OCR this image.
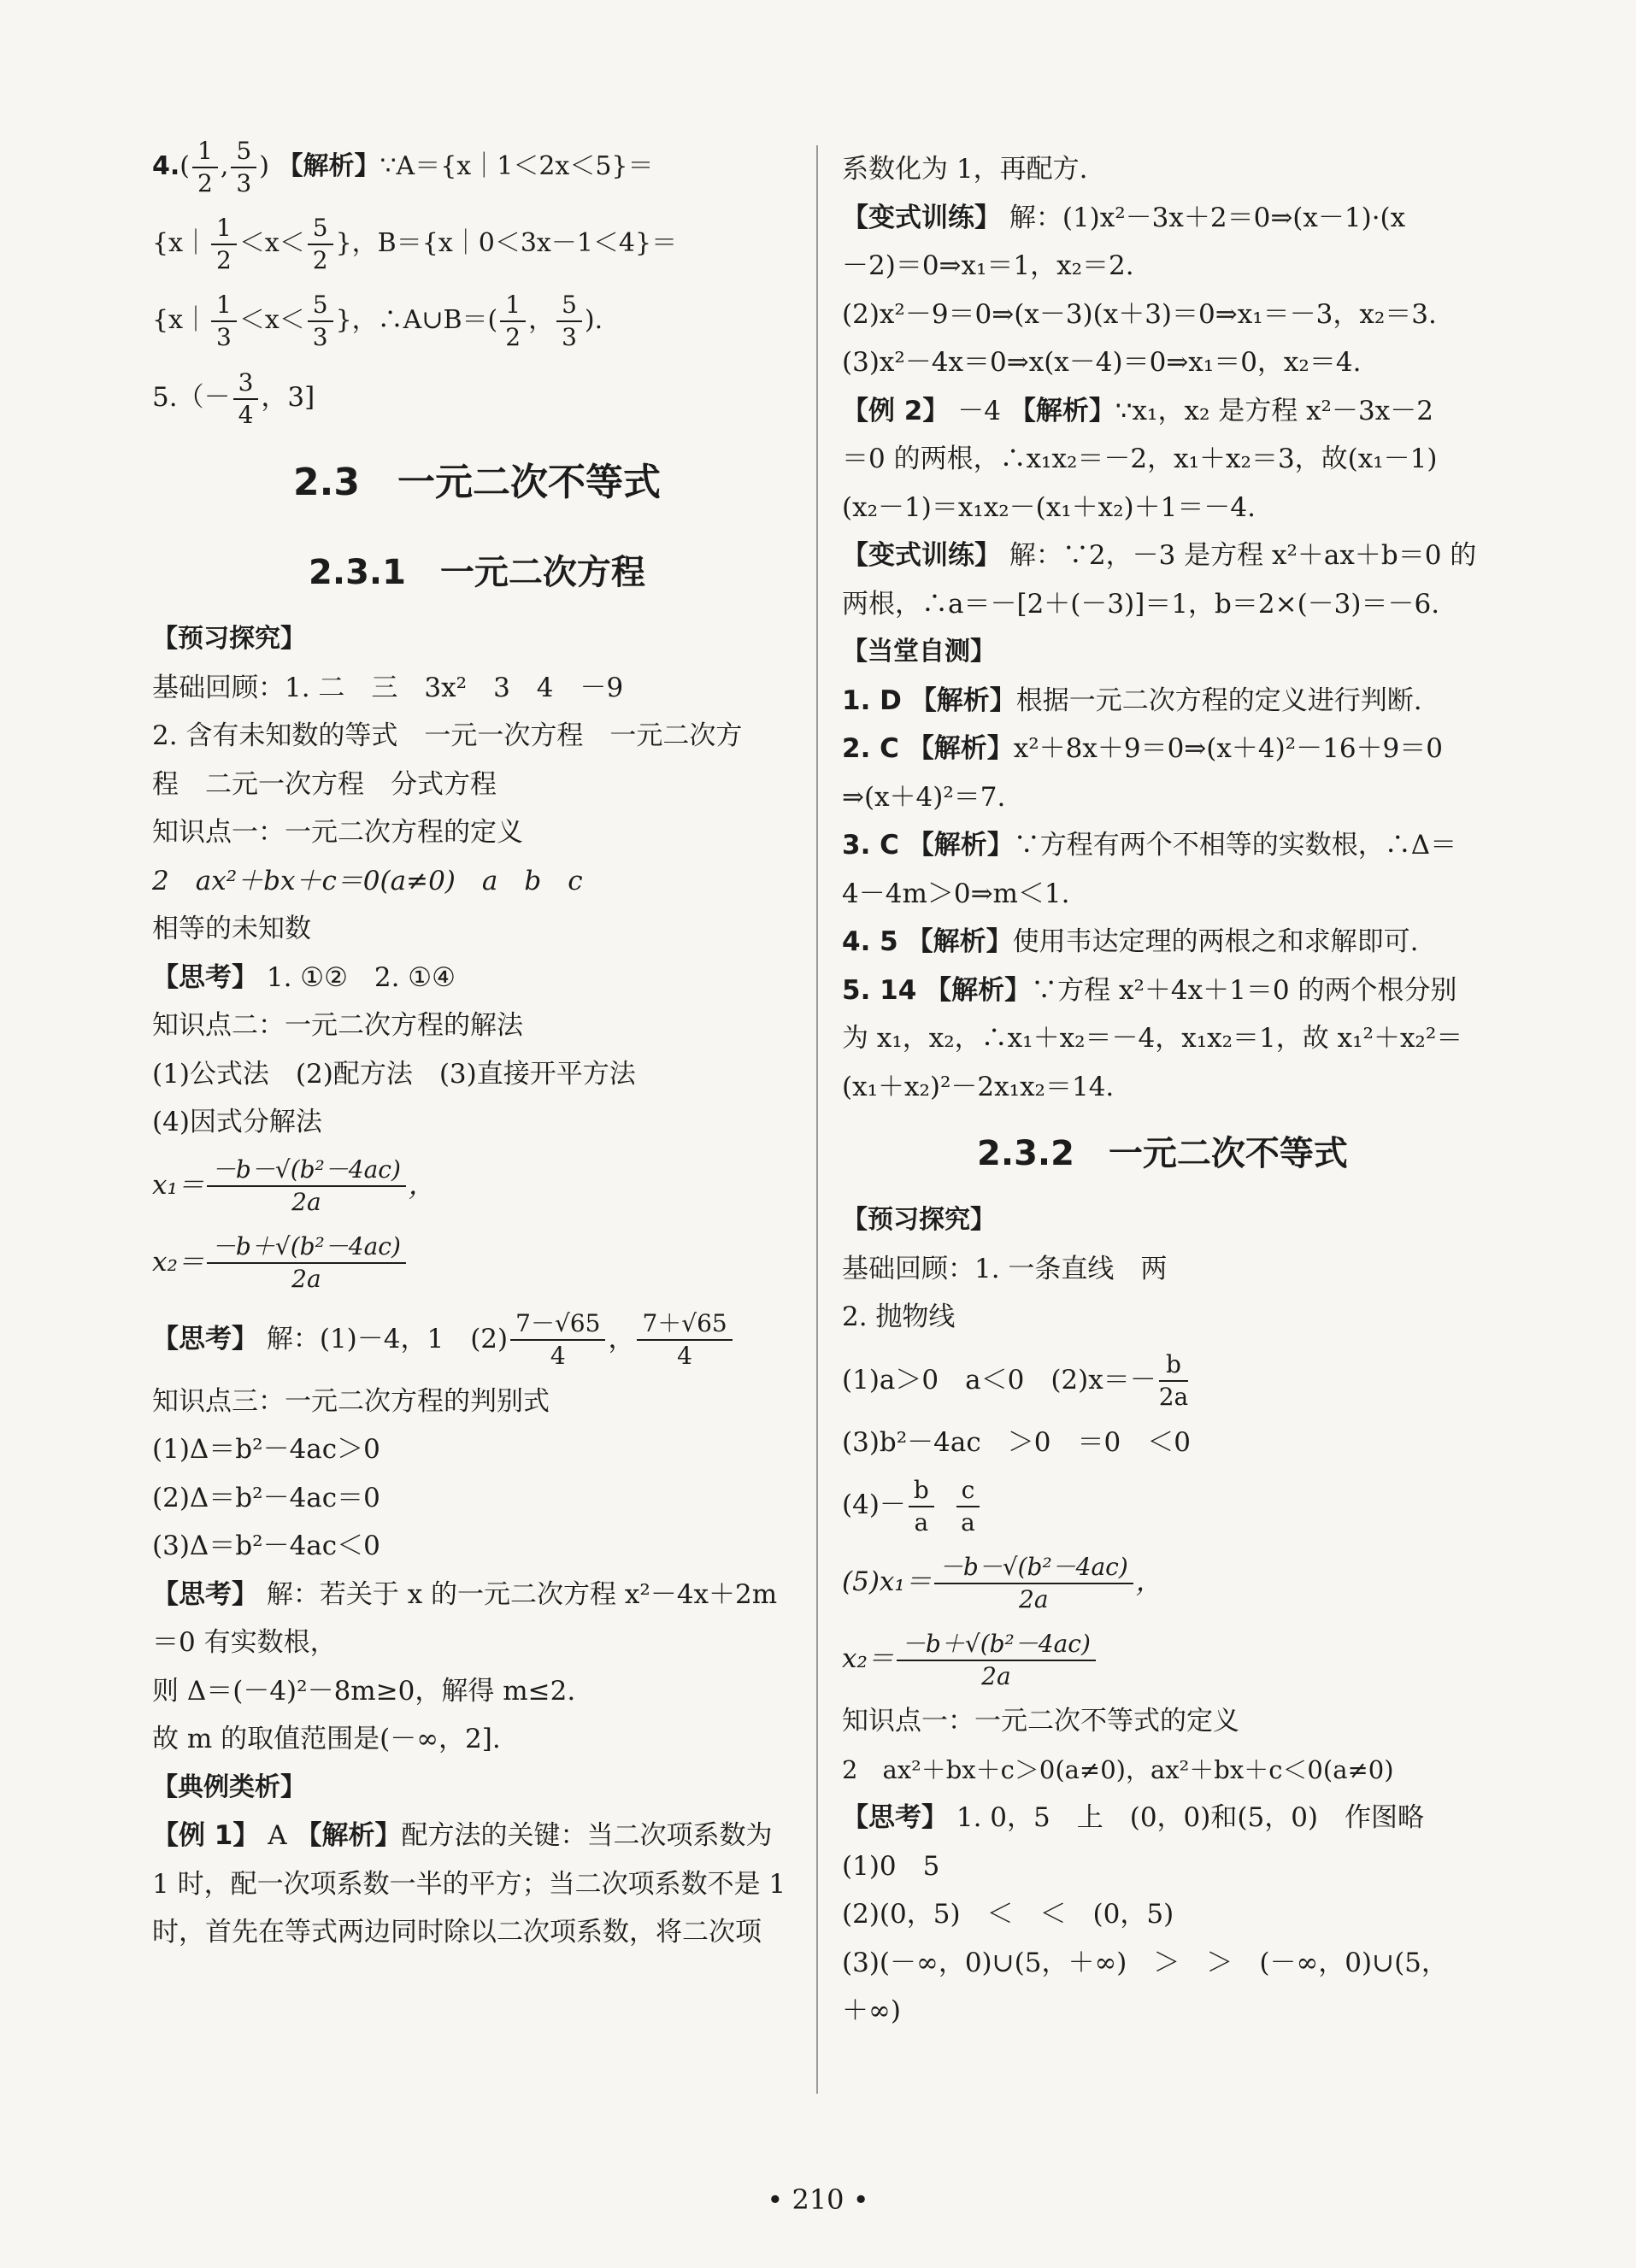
$4.( \frac{1}{2}$ , $\frac{5}{3}$ ) 【解析】∵A＝{x｜1＜2x＜5}＝
{x｜ $\frac{1}{2} <x< \frac{5}{2}$ }，B＝{x｜0＜3x－1＜4}＝
{x｜ $\frac{1}{3} <x< \frac{5}{3}$ }，∴A∪B＝( $\frac{1}{2}$ ， $\frac{5}{3}$ ).
$5.(- \frac{3}{4}$ ，3]
2.3　一元二次不等式
2.3.1　一元二次方程
【预习探究】
基础回顾：1. 二　三　3x²　3　4　－9
2. 含有未知数的等式　一元一次方程　一元二次方
程　二元一次方程　分式方程
知识点一：一元二次方程的定义
2　ax²＋bx＋c＝0(a≠0)　a　b　c
相等的未知数
【思考】 1. ①②　2. ①④
知识点二：一元二次方程的解法
(1)公式法　(2)配方法　(3)直接开平方法
(4)因式分解法
$x_1= \frac{\text{－b－√(b²－4ac)}}{2a}$ ，
$x_2= \frac{\text{－b＋√(b²－4ac)}}{2a}$
【思考】 解：(1)－4，1　$(2) \frac{7-√65}{4}$ ， $\frac{7+√65}{4}$
知识点三：一元二次方程的判别式
(1)Δ＝b²－4ac＞0
(2)Δ＝b²－4ac＝0
(3)Δ＝b²－4ac＜0
【思考】 解：若关于 x 的一元二次方程 x²－4x＋2m
＝0 有实数根，
则 Δ＝(－4)²－8m≥0，解得 m≤2.
故 m 的取值范围是(－∞，2].
【典例类析】
【例 1】 A 【解析】配方法的关键：当二次项系数为
1 时，配一次项系数一半的平方；当二次项系数不是 1
时，首先在等式两边同时除以二次项系数，将二次项
系数化为 1，再配方.
【变式训练】 解：(1)x²－3x＋2＝0⇒(x－1)·(x
－2)＝0⇒x₁＝1，x₂＝2.
(2)x²－9＝0⇒(x－3)(x＋3)＝0⇒x₁＝－3，x₂＝3.
(3)x²－4x＝0⇒x(x－4)＝0⇒x₁＝0，x₂＝4.
【例 2】 －4 【解析】∵x₁，x₂ 是方程 x²－3x－2
＝0 的两根，∴x₁x₂＝－2，x₁＋x₂＝3，故(x₁－1)
(x₂－1)＝x₁x₂－(x₁＋x₂)＋1＝－4.
【变式训练】 解：∵2，－3 是方程 x²＋ax＋b＝0 的
两根，∴a＝－[2＋(－3)]＝1，b＝2×(－3)＝－6.
【当堂自测】
1. D 【解析】根据一元二次方程的定义进行判断.
2. C 【解析】x²＋8x＋9＝0⇒(x＋4)²－16＋9＝0
⇒(x＋4)²＝7.
3. C 【解析】∵方程有两个不相等的实数根，∴Δ＝
4－4m＞0⇒m＜1.
4. 5 【解析】使用韦达定理的两根之和求解即可.
5. 14 【解析】∵方程 x²＋4x＋1＝0 的两个根分别
为 x₁，x₂，∴x₁＋x₂＝－4，x₁x₂＝1，故 x₁²＋x₂²＝
(x₁＋x₂)²－2x₁x₂＝14.
2.3.2　一元二次不等式
【预习探究】
基础回顾：1. 一条直线　两
2. 抛物线
(1)a＞0　a＜0　$(2)x=- \frac{b}{2a}$
(3)b²－4ac　＞0　＝0　＜0
$(4)- \frac{b}{a}$
$\frac{c}{a}$
$(5)x_1= \frac{\text{－b－√(b²－4ac)}}{2a}$ ，
$x_2= \frac{\text{－b＋√(b²－4ac)}}{2a}$
知识点一：一元二次不等式的定义
2　ax²＋bx＋c＞0(a≠0)，ax²＋bx＋c＜0(a≠0)
【思考】 1. 0，5　上　(0，0)和(5，0)　作图略
(1)0　5
(2)(0，5)　＜　＜　(0，5)
(3)(－∞，0)∪(5，＋∞)　＞　＞　(－∞，0)∪(5，
＋∞)
• 210 •
